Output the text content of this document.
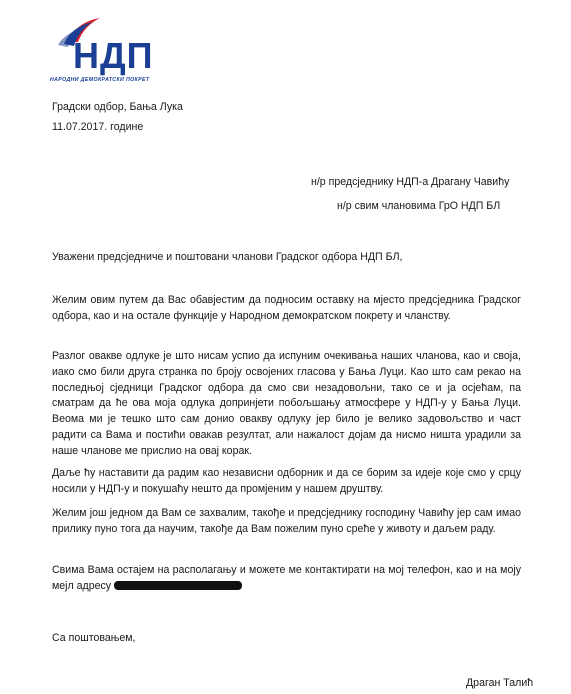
НДП
НАРОДНИ ДЕМОКРАТСКИ ПОКРЕТ
Градски одбор, Бања Лука
11.07.2017. године
н/р предсједнику НДП-а Драгану Чавићу
н/р свим члановима ГрО НДП БЛ
Уважени предсједниче и поштовани чланови Градског одбора НДП БЛ,
Желим овим путем да Вас обавјестим да подносим оставку на мјесто предсједника Градског одбора, као и на остале функције у Народном демократском покрету и чланству.
Разлог овакве одлуке је што нисам успио да испуним очекивања наших чланова, као и своја, иако смо били друга странка по броју освојених гласова у Бања Луци. Као што сам рекао на последњој сједници Градског одбора да смо сви незадовољни, тако се и ја осјећам, па сматрам да ће ова моја одлука допринјети побољшању атмосфере у НДП-у у Бања Луци. Веома ми је тешко што сам донио овакву одлуку јер било је велико задовољство и част радити са Вама и постићи овакав резултат, али нажалост дојам да нисмо ништа урадили за наше чланове ме прислио на овај корак.
Даље ћу наставити да радим као независни одборник и да се борим за идеје које смо у срцу носили у НДП-у и покушаћу нешто да промјеним у нашем друштву.
Желим још једном да Вам се захвалим, такође и предсједнику господину Чавићу јер сам имао прилику пуно тога да научим, такође да Вам пожелим пуно среће у животу и даљем раду.
Свима Вама остајем на располагању и можете ме контактирати на мој телефон, као и на моју мејл адресу
Са поштовањем,
Драган Талић
